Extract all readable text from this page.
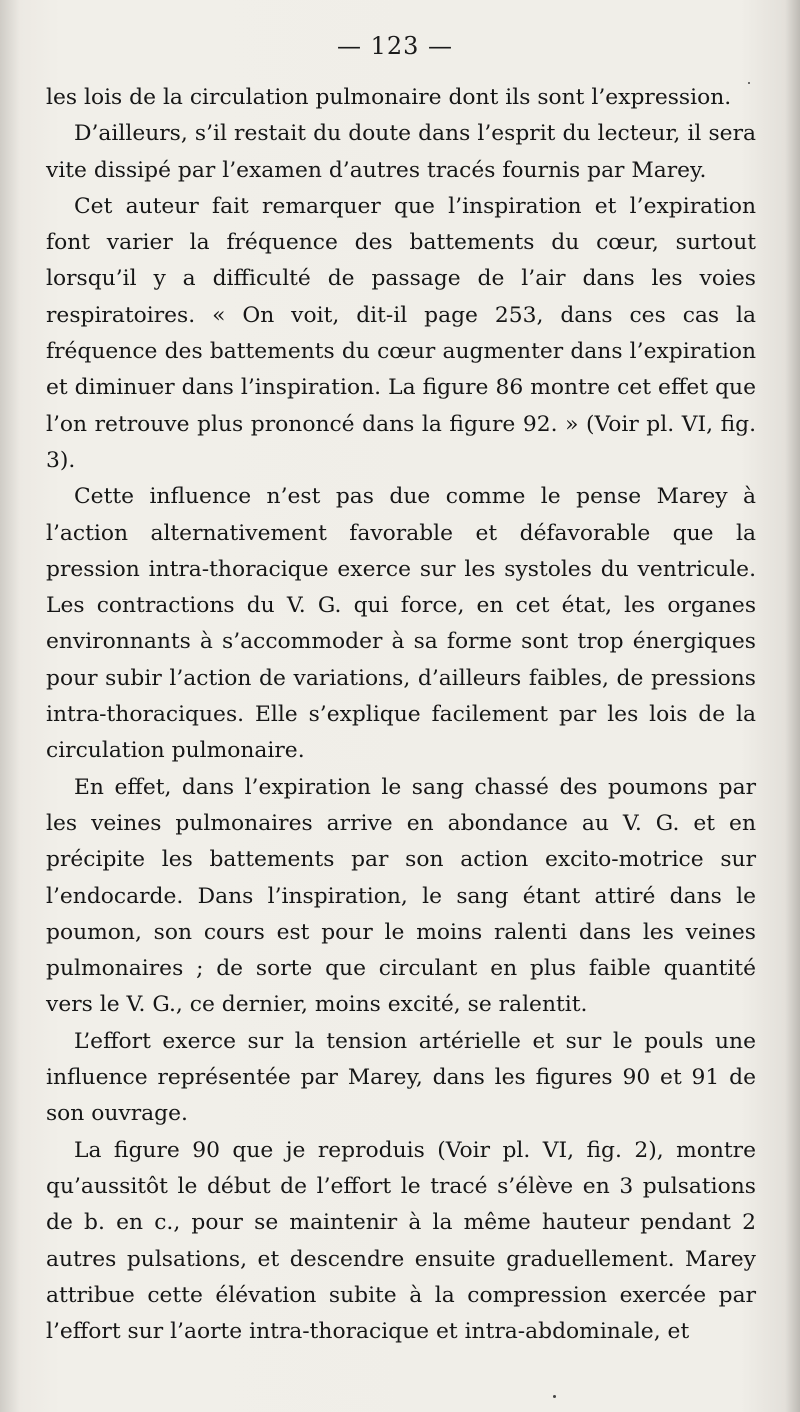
— 123 —

les lois de la circulation pulmonaire dont ils sont l’expression.

D’ailleurs, s’il restait du doute dans l’esprit du lecteur, il sera vite dissipé par l’examen d’autres tracés fournis par Marey.

Cet auteur fait remarquer que l’inspiration et l’expiration font varier la fréquence des battements du cœur, surtout lorsqu’il y a difficulté de passage de l’air dans les voies respiratoires. « On voit, dit-il page 253, dans ces cas la fréquence des battements du cœur augmenter dans l’expiration et diminuer dans l’inspiration. La figure 86 montre cet effet que l’on retrouve plus prononcé dans la figure 92. » (Voir pl. VI, fig. 3).

Cette influence n’est pas due comme le pense Marey à l’action alternativement favorable et défavorable que la pression intra-thoracique exerce sur les systoles du ventricule. Les contractions du V. G. qui force, en cet état, les organes environnants à s’accommoder à sa forme sont trop énergiques pour subir l’action de variations, d’ailleurs faibles, de pressions intra-thoraciques. Elle s’explique facilement par les lois de la circulation pulmonaire.

En effet, dans l’expiration le sang chassé des poumons par les veines pulmonaires arrive en abondance au V. G. et en précipite les battements par son action excito-motrice sur l’endocarde. Dans l’inspiration, le sang étant attiré dans le poumon, son cours est pour le moins ralenti dans les veines pulmonaires ; de sorte que circulant en plus faible quantité vers le V. G., ce dernier, moins excité, se ralentit.

L’effort exerce sur la tension artérielle et sur le pouls une influence représentée par Marey, dans les figures 90 et 91 de son ouvrage.

La figure 90 que je reproduis (Voir pl. VI, fig. 2), montre qu’aussitôt le début de l’effort le tracé s’élève en 3 pulsations de b. en c., pour se maintenir à la même hauteur pendant 2 autres pulsations, et descendre ensuite graduellement. Marey attribue cette élévation subite à la compression exercée par l’effort sur l’aorte intra-thoracique et intra-abdominale, et
